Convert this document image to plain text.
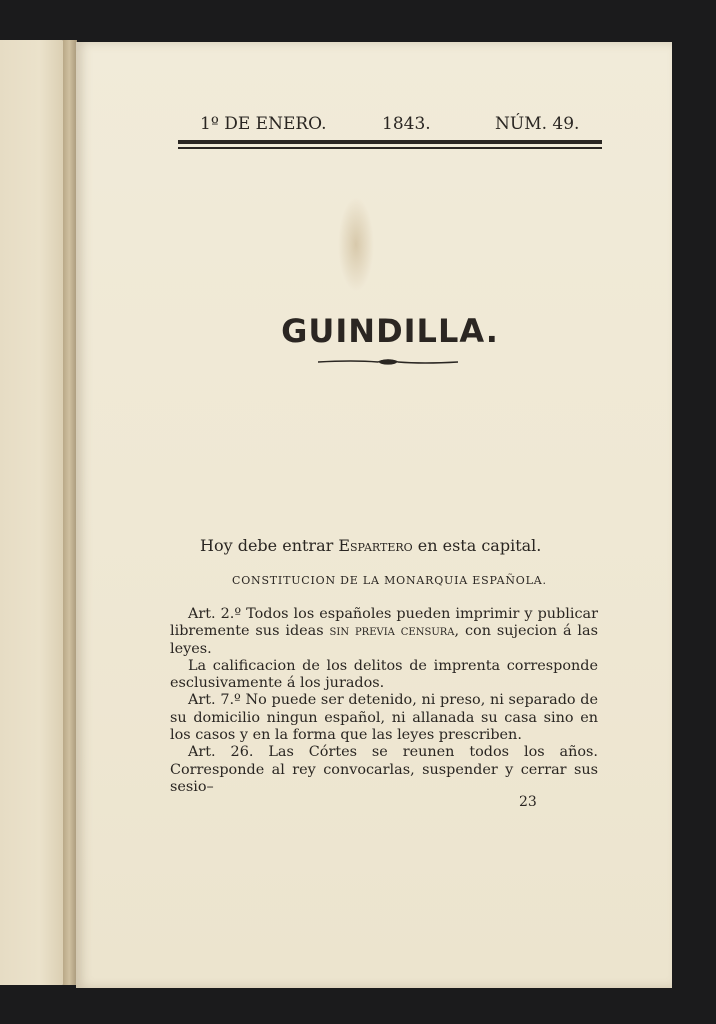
1º DE ENERO.	1843.	NÚM. 49.
GUINDILLA.
Hoy debe entrar Espartero en esta capital.
CONSTITUCION DE LA MONARQUIA ESPAÑOLA.

Art. 2.º Todos los españoles pueden imprimir y publicar libremente sus ideas sin previa censura, con sujecion á las leyes.

La calificacion de los delitos de imprenta corresponde esclusivamente á los jurados.

Art. 7.º No puede ser detenido, ni preso, ni separado de su domicilio ningun español, ni allanada su casa sino en los casos y en la forma que las leyes prescriben.

Art. 26. Las Córtes se reunen todos los años. Corresponde al rey convocarlas, suspender y cerrar sus sesio–

23
